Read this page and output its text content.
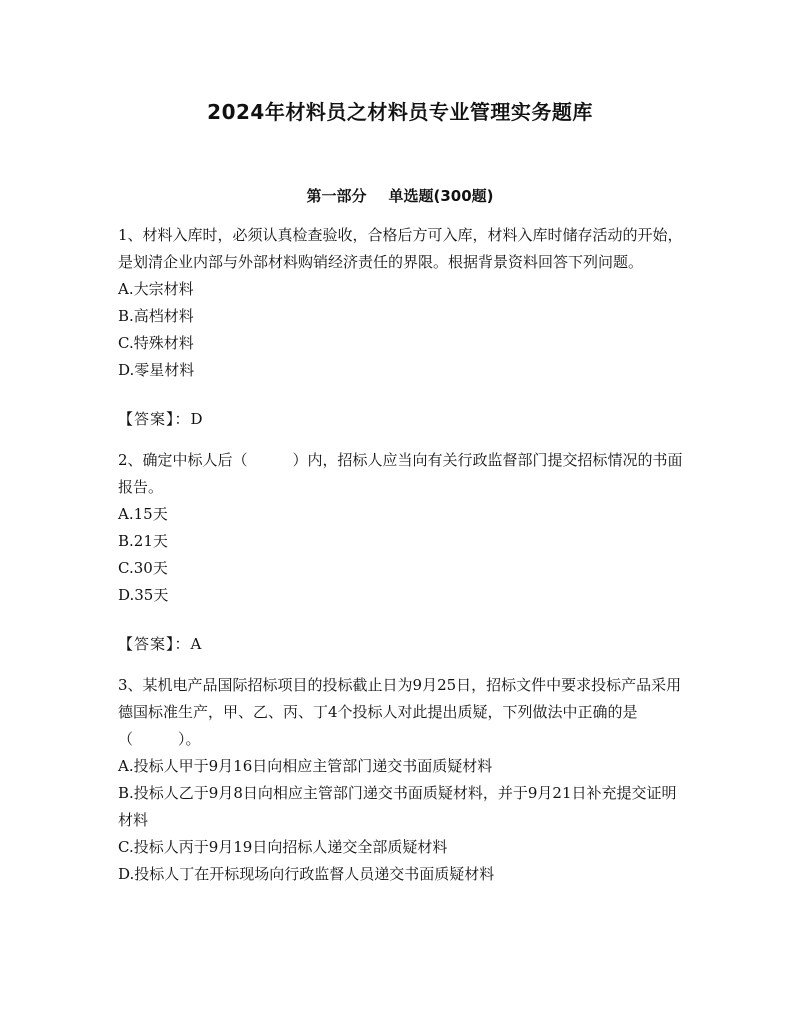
2024年材料员之材料员专业管理实务题库
第一部分 单选题(300题)

1、材料入库时，必须认真检查验收，合格后方可入库，材料入库时储存活动的开始，是划清企业内部与外部材料购销经济责任的界限。根据背景资料回答下列问题。

A.大宗材料

B.高档材料

C.特殊材料

D.零星材料

【答案】：D

2、确定中标人后（　　　）内，招标人应当向有关行政监督部门提交招标情况的书面报告。

A.15天

B.21天

C.30天

D.35天

【答案】：A

3、某机电产品国际招标项目的投标截止日为9月25日，招标文件中要求投标产品采用德国标准生产，甲、乙、丙、丁4个投标人对此提出质疑，下列做法中正确的是（　　　）。

A.投标人甲于9月16日向相应主管部门递交书面质疑材料

B.投标人乙于9月8日向相应主管部门递交书面质疑材料，并于9月21日补充提交证明材料

C.投标人丙于9月19日向招标人递交全部质疑材料

D.投标人丁在开标现场向行政监督人员递交书面质疑材料
